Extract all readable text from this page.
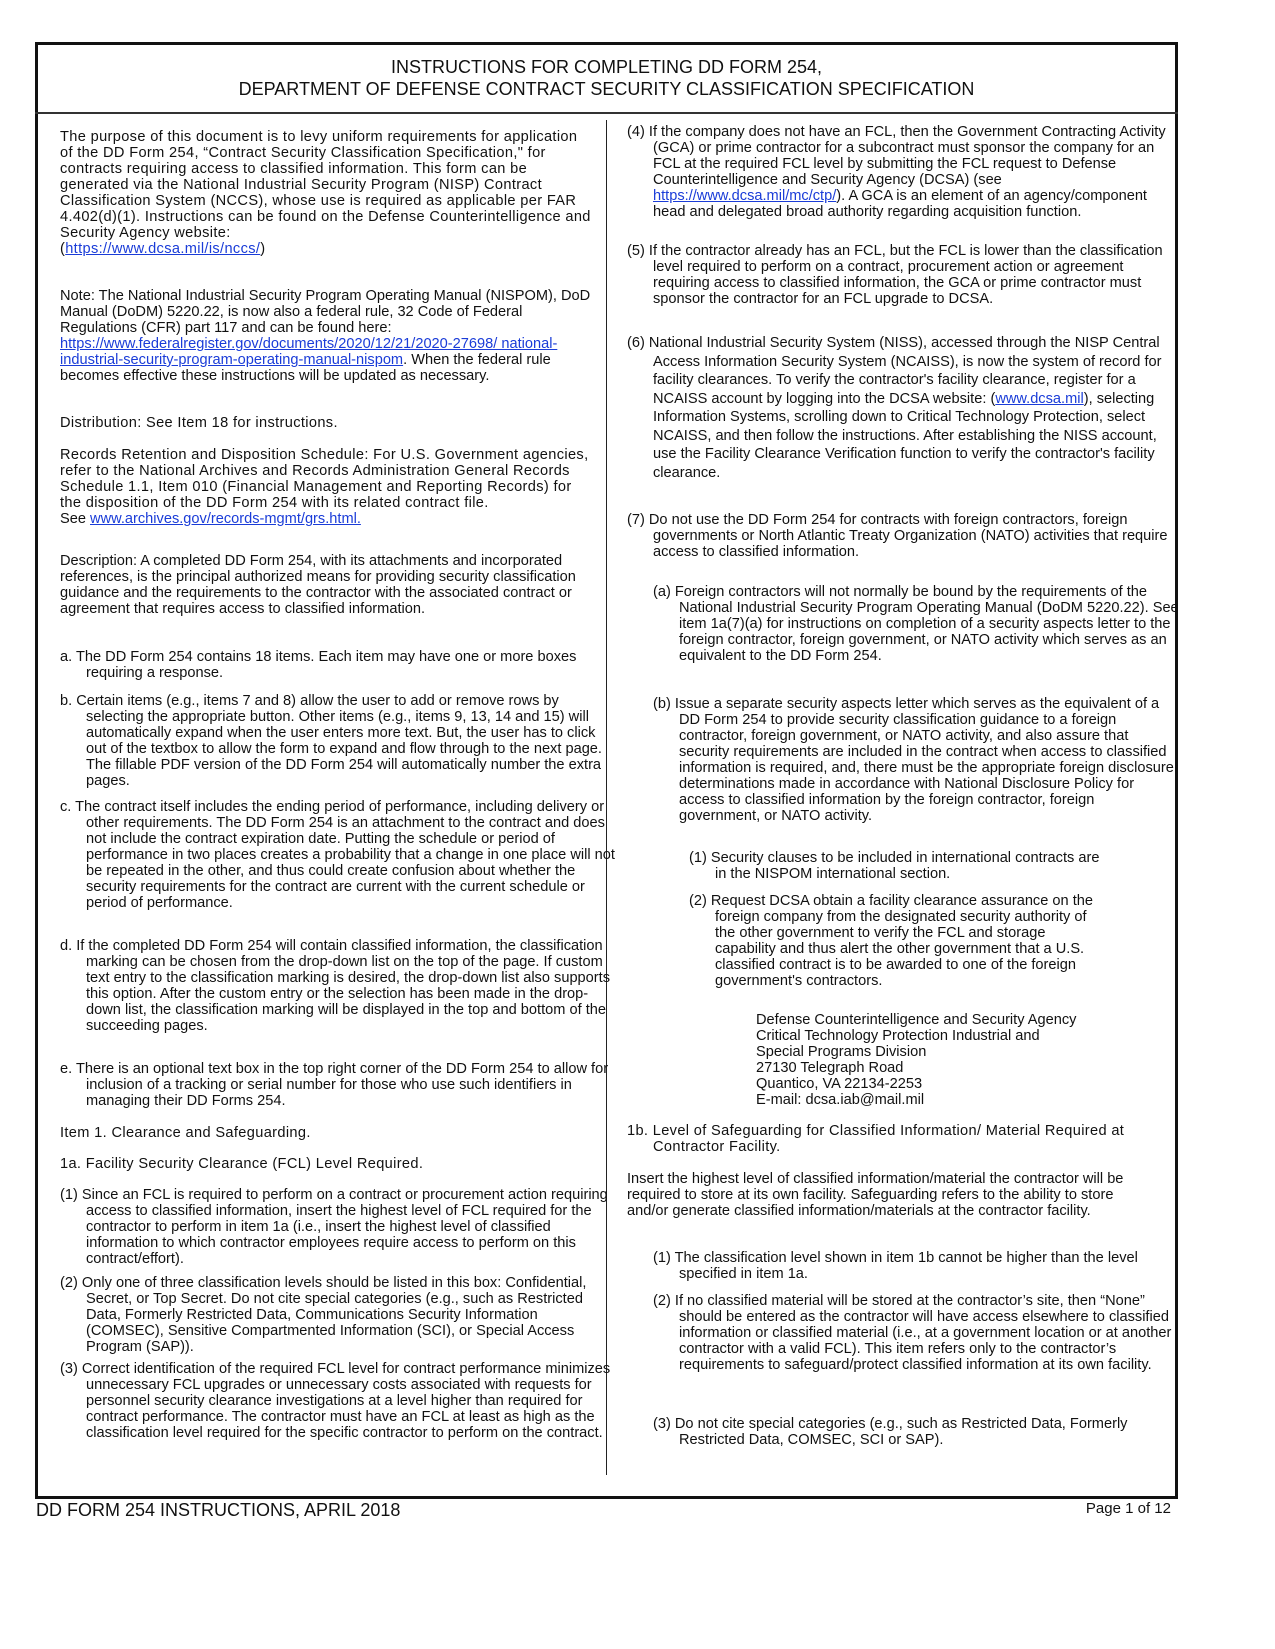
INSTRUCTIONS FOR COMPLETING DD FORM 254,
DEPARTMENT OF DEFENSE CONTRACT SECURITY CLASSIFICATION SPECIFICATION

The purpose of this document is to levy uniform requirements for application of the DD Form 254, “Contract Security Classification Specification," for contracts requiring access to classified information. This form can be generated via the National Industrial Security Program (NISP) Contract Classification System (NCCS), whose use is required as applicable per FAR 4.402(d)(1). Instructions can be found on the Defense Counterintelligence and Security Agency website:
(https://www.dcsa.mil/is/nccs/)

Note: The National Industrial Security Program Operating Manual (NISPOM), DoD Manual (DoDM) 5220.22, is now also a federal rule, 32 Code of Federal Regulations (CFR) part 117 and can be found here: https://www.federalregister.gov/documents/2020/12/21/2020-27698/ national-industrial-security-program-operating-manual-nispom. When the federal rule becomes effective these instructions will be updated as necessary.

Distribution: See Item 18 for instructions.

Records Retention and Disposition Schedule: For U.S. Government agencies, refer to the National Archives and Records Administration General Records Schedule 1.1, Item 010 (Financial Management and Reporting Records) for the disposition of the DD Form 254 with its related contract file.
See www.archives.gov/records-mgmt/grs.html.

Description: A completed DD Form 254, with its attachments and incorporated references, is the principal authorized means for providing security classification guidance and the requirements to the contractor with the associated contract or agreement that requires access to classified information.

a. The DD Form 254 contains 18 items. Each item may have one or more boxes requiring a response.

b. Certain items (e.g., items 7 and 8) allow the user to add or remove rows by selecting the appropriate button. Other items (e.g., items 9, 13, 14 and 15) will automatically expand when the user enters more text. But, the user has to click out of the textbox to allow the form to expand and flow through to the next page. The fillable PDF version of the DD Form 254 will automatically number the extra pages.

c. The contract itself includes the ending period of performance, including delivery or other requirements. The DD Form 254 is an attachment to the contract and does not include the contract expiration date. Putting the schedule or period of performance in two places creates a probability that a change in one place will not be repeated in the other, and thus could create confusion about whether the security requirements for the contract are current with the current schedule or period of performance.

d. If the completed DD Form 254 will contain classified information, the classification marking can be chosen from the drop-down list on the top of the page. If custom text entry to the classification marking is desired, the drop-down list also supports this option. After the custom entry or the selection has been made in the drop-down list, the classification marking will be displayed in the top and bottom of the succeeding pages.

e. There is an optional text box in the top right corner of the DD Form 254 to allow for inclusion of a tracking or serial number for those who use such identifiers in managing their DD Forms 254.

Item 1. Clearance and Safeguarding.

1a. Facility Security Clearance (FCL) Level Required.

(1) Since an FCL is required to perform on a contract or procurement action requiring access to classified information, insert the highest level of FCL required for the contractor to perform in item 1a (i.e., insert the highest level of classified information to which contractor employees require access to perform on this contract/effort).

(2) Only one of three classification levels should be listed in this box: Confidential, Secret, or Top Secret. Do not cite special categories (e.g., such as Restricted Data, Formerly Restricted Data, Communications Security Information (COMSEC), Sensitive Compartmented Information (SCI), or Special Access Program (SAP)).

(3) Correct identification of the required FCL level for contract performance minimizes unnecessary FCL upgrades or unnecessary costs associated with requests for personnel security clearance investigations at a level higher than required for contract performance. The contractor must have an FCL at least as high as the classification level required for the specific contractor to perform on the contract.

(4) If the company does not have an FCL, then the Government Contracting Activity (GCA) or prime contractor for a subcontract must sponsor the company for an FCL at the required FCL level by submitting the FCL request to Defense Counterintelligence and Security Agency (DCSA) (see https://www.dcsa.mil/mc/ctp/). A GCA is an element of an agency/component head and delegated broad authority regarding acquisition function.

(5) If the contractor already has an FCL, but the FCL is lower than the classification level required to perform on a contract, procurement action or agreement requiring access to classified information, the GCA or prime contractor must sponsor the contractor for an FCL upgrade to DCSA.

(6) National Industrial Security System (NISS), accessed through the NISP Central Access Information Security System (NCAISS), is now the system of record for facility clearances. To verify the contractor's facility clearance, register for a NCAISS account by logging into the DCSA website: (www.dcsa.mil), selecting Information Systems, scrolling down to Critical Technology Protection, select NCAISS, and then follow the instructions. After establishing the NISS account, use the Facility Clearance Verification function to verify the contractor's facility clearance.

(7) Do not use the DD Form 254 for contracts with foreign contractors, foreign governments or North Atlantic Treaty Organization (NATO) activities that require access to classified information.

(a) Foreign contractors will not normally be bound by the requirements of the National Industrial Security Program Operating Manual (DoDM 5220.22). See item 1a(7)(a) for instructions on completion of a security aspects letter to the foreign contractor, foreign government, or NATO activity which serves as an equivalent to the DD Form 254.

(b) Issue a separate security aspects letter which serves as the equivalent of a DD Form 254 to provide security classification guidance to a foreign contractor, foreign government, or NATO activity, and also assure that security requirements are included in the contract when access to classified information is required, and, there must be the appropriate foreign disclosure determinations made in accordance with National Disclosure Policy for access to classified information by the foreign contractor, foreign government, or NATO activity.

(1) Security clauses to be included in international contracts are in the NISPOM international section.

(2) Request DCSA obtain a facility clearance assurance on the foreign company from the designated security authority of the other government to verify the FCL and storage capability and thus alert the other government that a U.S. classified contract is to be awarded to one of the foreign government's contractors.

Defense Counterintelligence and Security Agency
Critical Technology Protection Industrial and
Special Programs Division
27130 Telegraph Road
Quantico, VA 22134-2253
E-mail: dcsa.iab@mail.mil

1b. Level of Safeguarding for Classified Information/ Material Required at Contractor Facility.

Insert the highest level of classified information/material the contractor will be required to store at its own facility. Safeguarding refers to the ability to store and/or generate classified information/materials at the contractor facility.

(1) The classification level shown in item 1b cannot be higher than the level specified in item 1a.

(2) If no classified material will be stored at the contractor’s site, then “None” should be entered as the contractor will have access elsewhere to classified information or classified material (i.e., at a government location or at another contractor with a valid FCL). This item refers only to the contractor’s requirements to safeguard/protect classified information at its own facility.

(3) Do not cite special categories (e.g., such as Restricted Data, Formerly Restricted Data, COMSEC, SCI or SAP).

DD FORM 254 INSTRUCTIONS, APRIL 2018	Page 1 of 12
